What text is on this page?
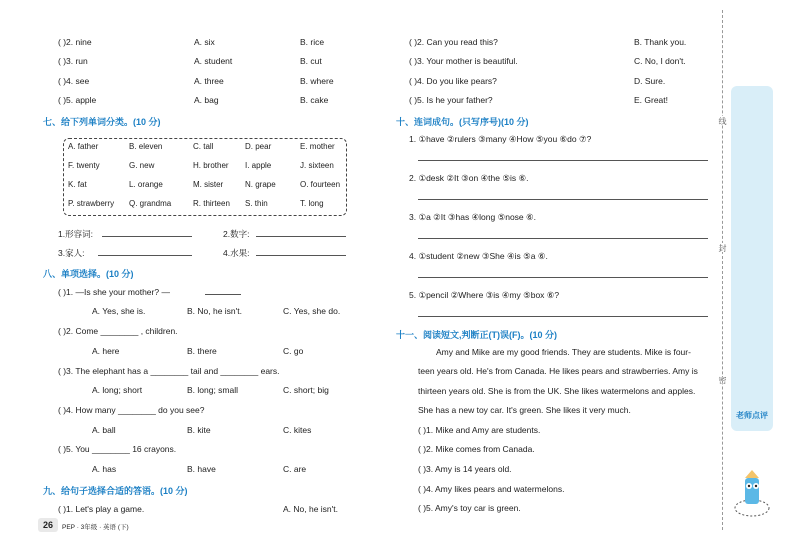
( )2. nine	A. six	B. rice
( )3. run	A. student	B. cut
( )4. see	A. three	B. where
( )5. apple	A. bag	B. cake
七、给下列单词分类。(10 分)
A. father	B. eleven	C. tall	D. pear	E. mother
F. twenty	G. new	H. brother I. apple	J. sixteen
K. fat	L. orange	M. sister	N. grape	O. fourteen
P. strawberry Q. grandma	R. thirteen S. thin	T. long
1.形容词:	2.数字:
3.家人:	4.水果:
八、单项选择。(10 分)
( )1. —Is she your mother? —
A. Yes, she is.	B. No, he isn't.	C. Yes, she do.
( )2. Come ________ , children.
A. here	B. there	C. go
( )3. The elephant has a ________ tail and ________ ears.
A. long; short	B. long; small	C. short; big
( )4. How many ________ do you see?
A. ball	B. kite	C. kites
( )5. You ________ 16 crayons.
A. has	B. have	C. are
九、给句子选择合适的答语。(10 分)
( )1. Let's play a game.	A. No, he isn't.
26	PEP · 3年级 · 英语 (下)
( )2. Can you read this?	B. Thank you.
( )3. Your mother is beautiful.	C. No, I don't.
( )4. Do you like pears?	D. Sure.
( )5. Is he your father?	E. Great!
十、连词成句。(只写序号)(10 分)
1. ①have ②rulers ③many ④How ⑤you ⑥do ⑦?
2. ①desk ②It ③on ④the ⑤is ⑥.
3. ①a ②It ③has ④long ⑤nose ⑥.
4. ①student ②new ③She ④is ⑤a ⑥.
5. ①pencil ②Where ③is ④my ⑤box ⑥?
十一、阅读短文,判断正(T)误(F)。(10 分)
Amy and Mike are my good friends. They are students. Mike is four-
teen years old. He's from Canada. He likes pears and strawberries. Amy is
thirteen years old. She is from the UK. She likes watermelons and apples.
She has a new toy car. It's green. She likes it very much.
( )1. Mike and Amy are students.
( )2. Mike comes from Canada.
( )3. Amy is 14 years old.
( )4. Amy likes pears and watermelons.
( )5. Amy's toy car is green.
线
封
密
老师点评
